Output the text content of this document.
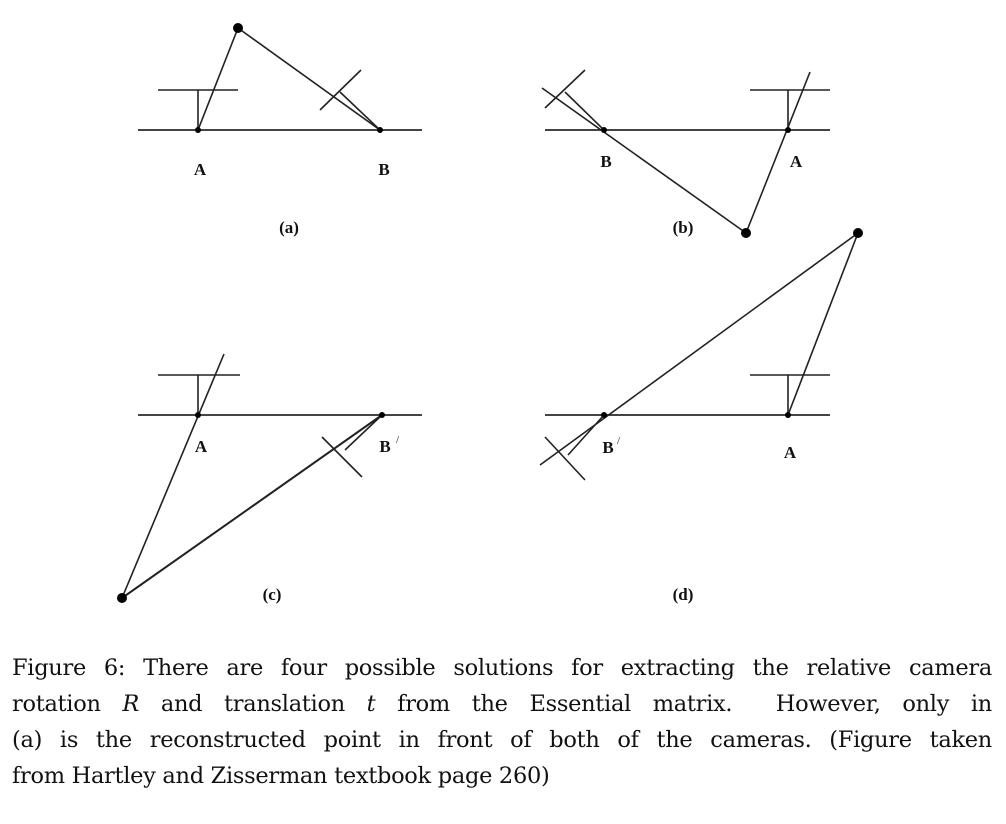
A	B
(a)
B	A
(b)
A	B /
(c)
B /
A
(d)
Figure 6: There are four possible solutions for extracting the relative camera
rotation R and translation t from the Essential matrix.  However, only in
(a) is the reconstructed point in front of both of the cameras. (Figure taken
from Hartley and Zisserman textbook page 260)
